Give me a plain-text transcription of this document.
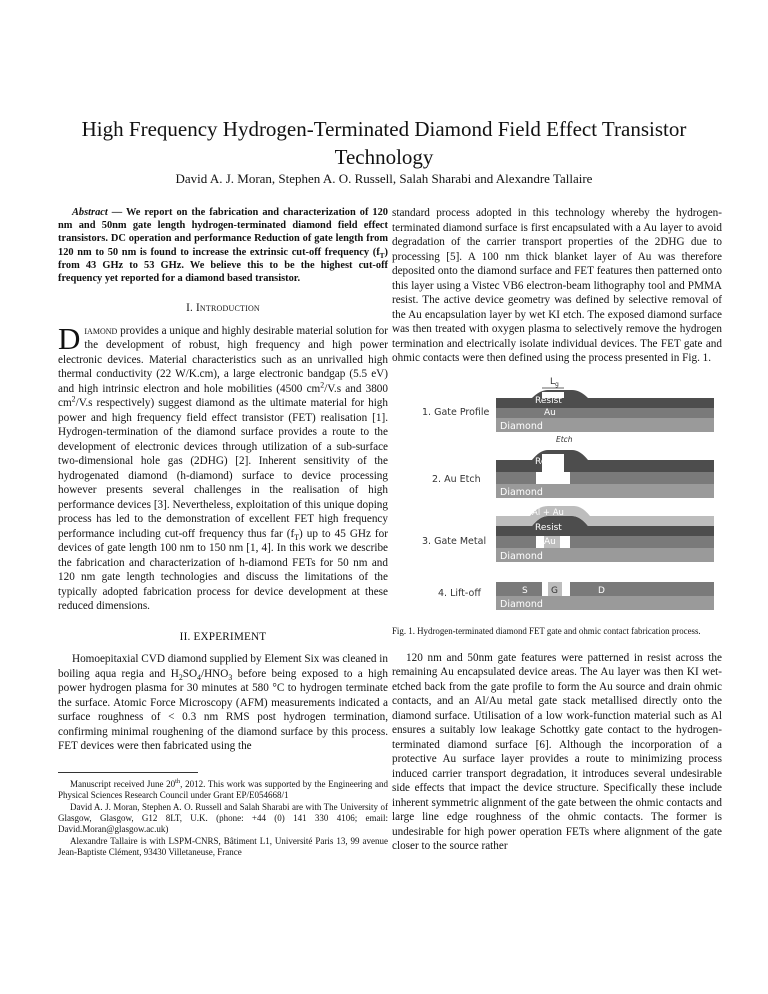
High Frequency Hydrogen-Terminated Diamond Field Effect Transistor Technology
David A. J. Moran, Stephen A. O. Russell, Salah Sharabi and Alexandre Tallaire

Abstract — We report on the fabrication and characterization of 120 nm and 50nm gate length hydrogen-terminated diamond field effect transistors. DC operation and performance Reduction of gate length from 120 nm to 50 nm is found to increase the extrinsic cut-off frequency $(f_T)$ from 43 GHz to 53 GHz. We believe this to be the highest cut-off frequency yet reported for a diamond based transistor.

I. Introduction

Diamond provides a unique and highly desirable material solution for the development of robust, high frequency and high power electronic devices. Material characteristics such as an unrivalled high thermal conductivity (22 W/K.cm), a large electronic bandgap (5.5 eV) and high intrinsic electron and hole mobilities (4500 $cm^2/V.s$ and 3800 $cm^2/V.s$ respectively) suggest diamond as the ultimate material for high power and high frequency field effect transistor (FET) realisation [1]. Hydrogen-termination of the diamond surface provides a route to the development of electronic devices through utilization of a sub-surface two-dimensional hole gas (2DHG) [2]. Inherent sensitivity of the hydrogenated diamond (h-diamond) surface to device processing however presents several challenges in the realisation of high performance devices [3]. Nevertheless, exploitation of this unique doping process has led to the demonstration of excellent FET high frequency performance including cut-off frequency thus far $(f_T)$ up to 45 GHz for devices of gate length 100 nm to 150 nm [1, 4]. In this work we describe the fabrication and characterization of h-diamond FETs for 50 nm and 120 nm gate length technologies and discuss the limitations of the typically adopted fabrication process for device development at these reduced dimensions.

II. EXPERIMENT

Homoepitaxial CVD diamond supplied by Element Six was cleaned in boiling aqua regia and $H_2SO_4/HNO_3$ before being exposed to a high power hydrogen plasma for 30 minutes at 580 °C to hydrogen terminate the surface. Atomic Force Microscopy (AFM) measurements indicated a surface roughness of < 0.3 nm RMS post hydrogen termination, confirming minimal roughening of the diamond surface by this process. FET devices were then fabricated using the

Manuscript received June 20th, 2012. This work was supported by the Engineering and Physical Sciences Research Council under Grant EP/E054668/1

David A. J. Moran, Stephen A. O. Russell and Salah Sharabi are with The University of Glasgow, Glasgow, G12 8LT, U.K. (phone: +44 (0) 141 330 4106; email: David.Moran@glasgow.ac.uk)

Alexandre Tallaire is with LSPM-CNRS, Bâtiment L1, Université Paris 13, 99 avenue Jean-Baptiste Clément, 93430 Villetaneuse, France

standard process adopted in this technology whereby the hydrogen-terminated diamond surface is first encapsulated with a Au layer to avoid degradation of the carrier transport properties of the 2DHG due to processing [5]. A 100 nm thick blanket layer of Au was therefore deposited onto the diamond surface and FET features then patterned onto this layer using a Vistec VB6 electron-beam lithography tool and PMMA resist. The active device geometry was defined by selective removal of the Au encapsulation layer by wet KI etch. The exposed diamond surface was then treated with oxygen plasma to selectively remove the hydrogen termination and electrically isolate individual devices. The FET gate and ohmic contacts were then defined using the process presented in Fig. 1.

$L_g$
1. Gate Profile
Diamond
Resist
Au
Etch
2. Au Etch
Diamond
Resist
Au
3. Gate Metal
Diamond
Al + Au
Resist
Au
4. Lift-off
Diamond
S	G	D
Fig. 1. Hydrogen-terminated diamond FET gate and ohmic contact fabrication process.

120 nm and 50nm gate features were patterned in resist across the remaining Au encapsulated device areas. The Au layer was then KI wet-etched back from the gate profile to form the Au source and drain ohmic contacts, and an Al/Au metal gate stack metallised directly onto the diamond surface. Utilisation of a low work-function material such as Al ensures a suitably low leakage Schottky gate contact to the hydrogen-terminated diamond surface [6]. Although the incorporation of a protective Au surface layer provides a route to minimizing process induced carrier transport degradation, it introduces several undesirable side effects that impact the device structure. Specifically these include inherent symmetric alignment of the gate between the ohmic contacts and large line edge roughness of the ohmic contacts. The former is undesirable for high power operation FETs where alignment of the gate closer to the source rather
